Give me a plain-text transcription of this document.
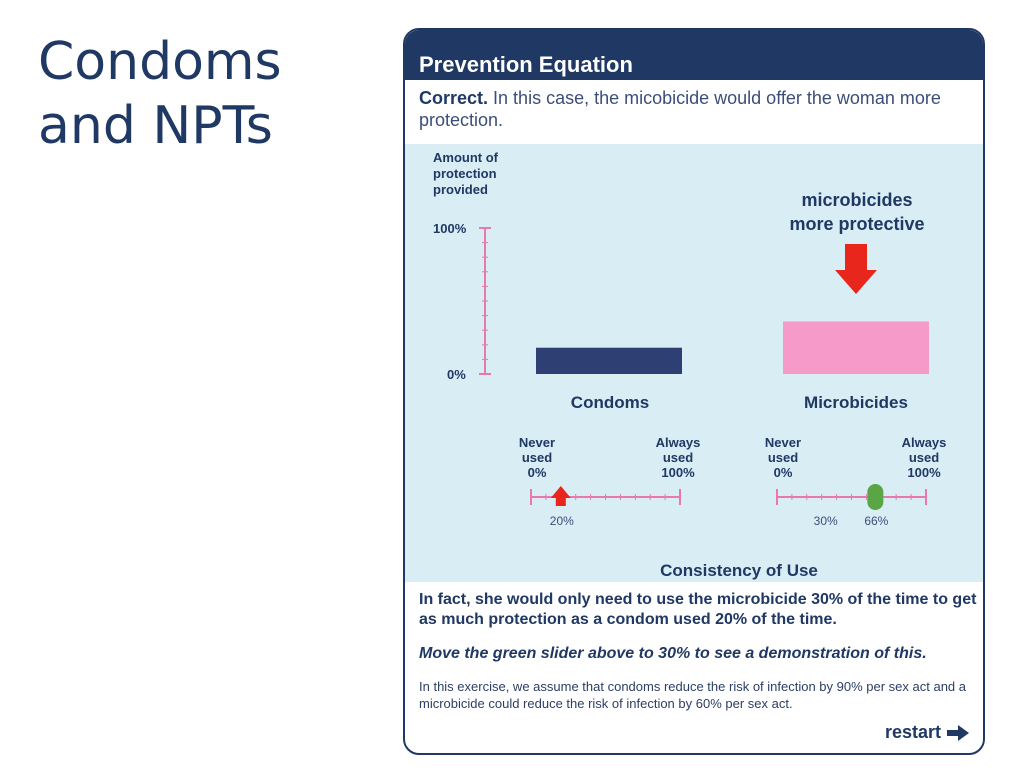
Condoms
and NPTs
Prevention Equation
Correct. In this case, the micobicide would offer the woman more protection.
Amount of
protection
provided
100%
0%
Condoms	Microbicides
microbicides
more protective
Never
used
0%
Always
used
100%
20%
Never
used
0%
Always
used
100%
66%
30%
Consistency of Use
In fact, she would only need to use the microbicide 30% of the time to get as much protection as a condom used 20% of the time.
Move the green slider above to 30% to see a demonstration of this.
In this exercise, we assume that condoms reduce the risk of infection by 90% per sex act and a microbicide could reduce the risk of infection by 60% per sex act.
restart
